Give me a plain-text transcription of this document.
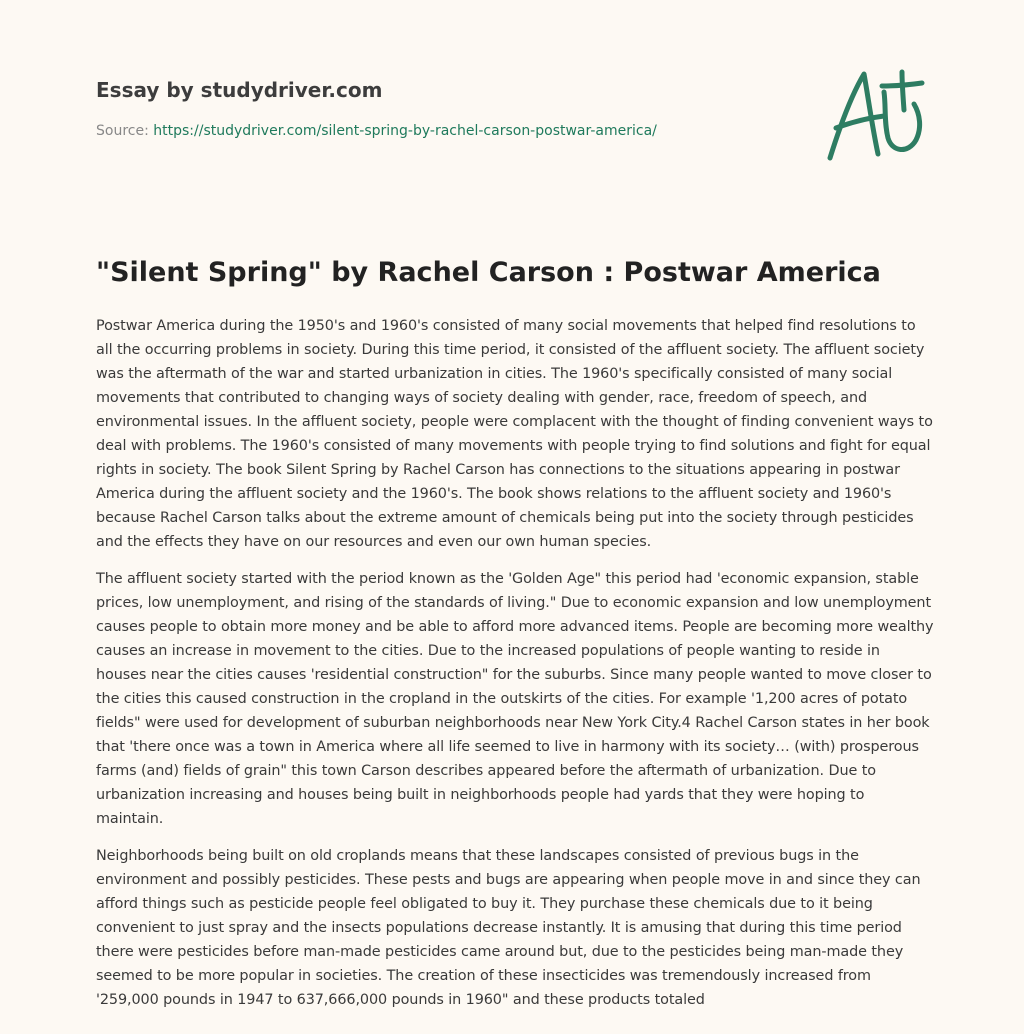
Essay by studydriver.com
Source: https://studydriver.com/silent-spring-by-rachel-carson-postwar-america/
"Silent Spring" by Rachel Carson : Postwar America

Postwar America during the 1950's and 1960's consisted of many social movements that helped find resolutions to all the occurring problems in society. During this time period, it consisted of the affluent society. The affluent society was the aftermath of the war and started urbanization in cities. The 1960's specifically consisted of many social movements that contributed to changing ways of society dealing with gender, race, freedom of speech, and environmental issues. In the affluent society, people were complacent with the thought of finding convenient ways to deal with problems. The 1960's consisted of many movements with people trying to find solutions and fight for equal rights in society. The book Silent Spring by Rachel Carson has connections to the situations appearing in postwar America during the affluent society and the 1960's. The book shows relations to the affluent society and 1960's because Rachel Carson talks about the extreme amount of chemicals being put into the society through pesticides and the effects they have on our resources and even our own human species.

The affluent society started with the period known as the 'Golden Age" this period had 'economic expansion, stable prices, low unemployment, and rising of the standards of living." Due to economic expansion and low unemployment causes people to obtain more money and be able to afford more advanced items. People are becoming more wealthy causes an increase in movement to the cities. Due to the increased populations of people wanting to reside in houses near the cities causes 'residential construction" for the suburbs. Since many people wanted to move closer to the cities this caused construction in the cropland in the outskirts of the cities. For example '1,200 acres of potato fields" were used for development of suburban neighborhoods near New York City.4 Rachel Carson states in her book that 'there once was a town in America where all life seemed to live in harmony with its society… (with) prosperous farms (and) fields of grain" this town Carson describes appeared before the aftermath of urbanization. Due to urbanization increasing and houses being built in neighborhoods people had yards that they were hoping to maintain.

Neighborhoods being built on old croplands means that these landscapes consisted of previous bugs in the environment and possibly pesticides. These pests and bugs are appearing when people move in and since they can afford things such as pesticide people feel obligated to buy it. They purchase these chemicals due to it being convenient to just spray and the insects populations decrease instantly. It is amusing that during this time period there were pesticides before man-made pesticides came around but, due to the pesticides being man-made they seemed to be more popular in societies. The creation of these insecticides was tremendously increased from '259,000 pounds in 1947 to 637,666,000 pounds in 1960" and these products totaled
